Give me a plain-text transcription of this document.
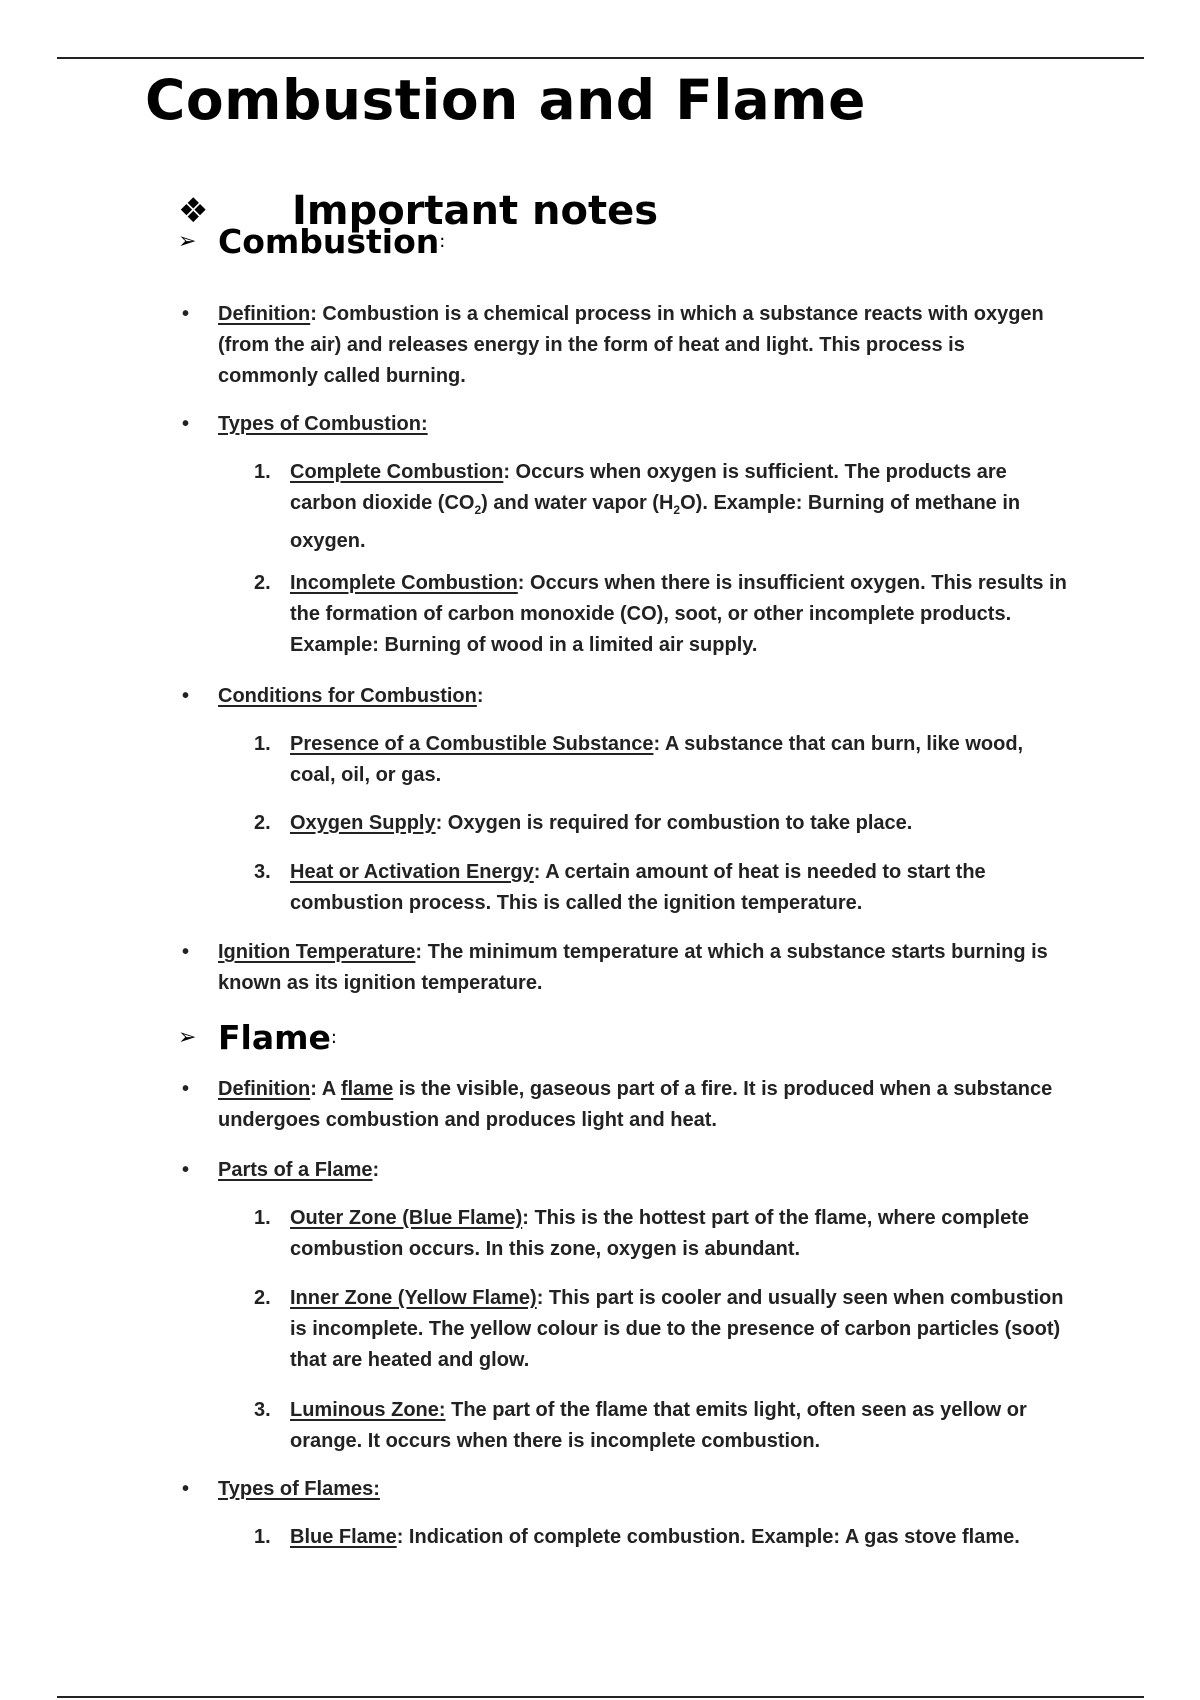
Combustion and Flame
❖	Important notes
➢ Combustion :

• Definition: Combustion is a chemical process in which a substance reacts with oxygen (from the air) and releases energy in the form of heat and light. This process is commonly called burning.

• Types of Combustion:

1. Complete Combustion: Occurs when oxygen is sufficient. The products are carbon dioxide $(CO_2)$ and water vapor $(H_2O)$. Example: Burning of methane in oxygen.

2. Incomplete Combustion: Occurs when there is insufficient oxygen. This results in the formation of carbon monoxide (CO), soot, or other incomplete products. Example: Burning of wood in a limited air supply.

• Conditions for Combustion:

1. Presence of a Combustible Substance: A substance that can burn, like wood, coal, oil, or gas.

2. Oxygen Supply: Oxygen is required for combustion to take place.

3. Heat or Activation Energy: A certain amount of heat is needed to start the combustion process. This is called the ignition temperature.

• Ignition Temperature: The minimum temperature at which a substance starts burning is known as its ignition temperature.

➢ Flame :

• Definition: A flame is the visible, gaseous part of a fire. It is produced when a substance undergoes combustion and produces light and heat.

• Parts of a Flame:

1. Outer Zone (Blue Flame): This is the hottest part of the flame, where complete combustion occurs. In this zone, oxygen is abundant.

2. Inner Zone (Yellow Flame): This part is cooler and usually seen when combustion is incomplete. The yellow colour is due to the presence of carbon particles (soot) that are heated and glow.

3. Luminous Zone: The part of the flame that emits light, often seen as yellow or orange. It occurs when there is incomplete combustion.

• Types of Flames:

1. Blue Flame: Indication of complete combustion. Example: A gas stove flame.
